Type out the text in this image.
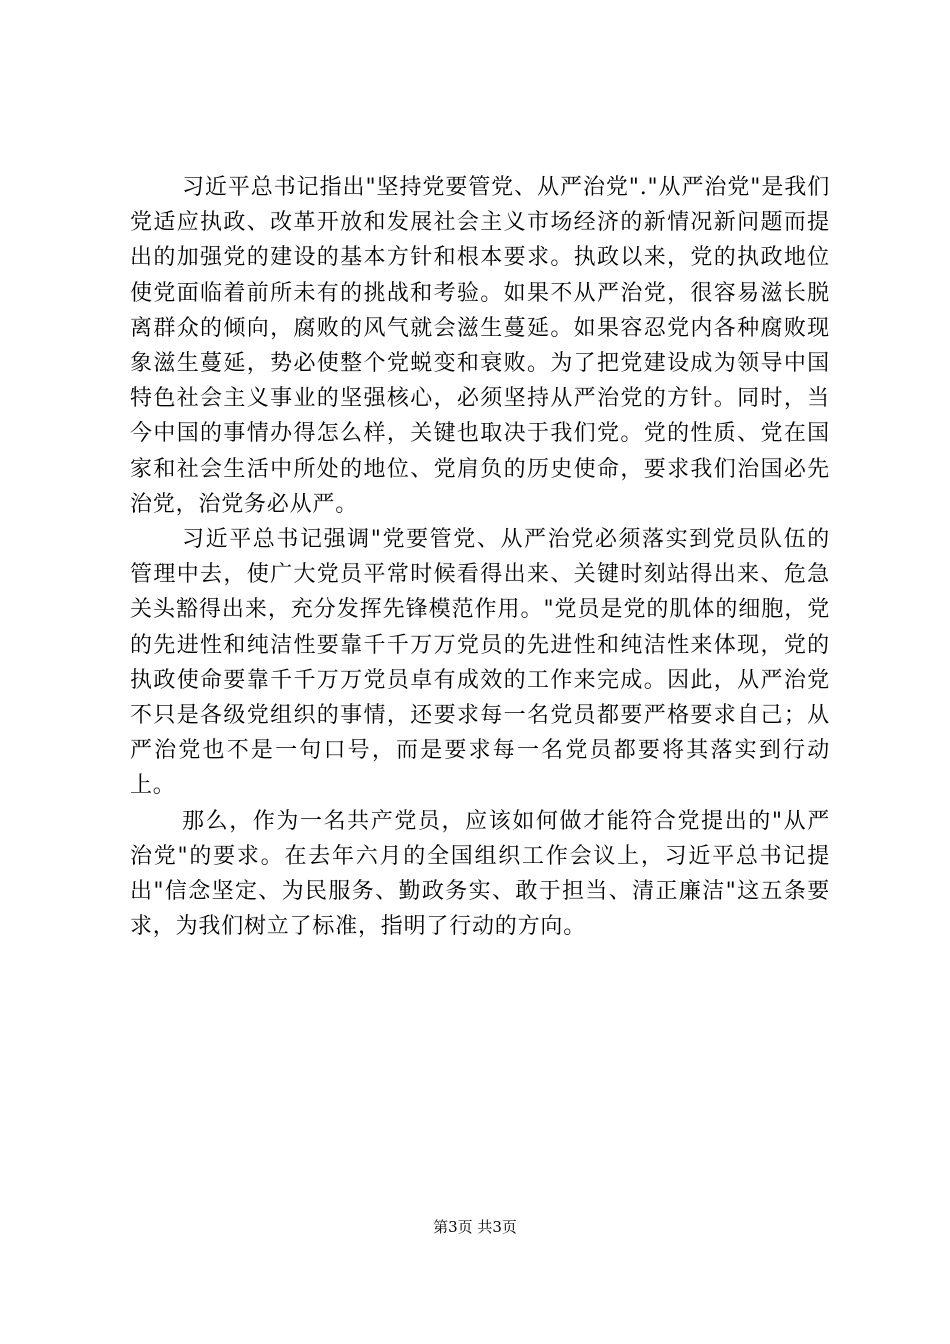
习近平总书记指出"坚持党要管党、从严治党"."从严治党"是我们党适应执政、改革开放和发展社会主义市场经济的新情况新问题而提出的加强党的建设的基本方针和根本要求。执政以来，党的执政地位使党面临着前所未有的挑战和考验。如果不从严治党，很容易滋长脱离群众的倾向，腐败的风气就会滋生蔓延。如果容忍党内各种腐败现象滋生蔓延，势必使整个党蜕变和衰败。为了把党建设成为领导中国特色社会主义事业的坚强核心，必须坚持从严治党的方针。同时，当今中国的事情办得怎么样，关键也取决于我们党。党的性质、党在国家和社会生活中所处的地位、党肩负的历史使命，要求我们治国必先治党，治党务必从严。

习近平总书记强调"党要管党、从严治党必须落实到党员队伍的管理中去，使广大党员平常时候看得出来、关键时刻站得出来、危急关头豁得出来，充分发挥先锋模范作用。"党员是党的肌体的细胞，党的先进性和纯洁性要靠千千万万党员的先进性和纯洁性来体现，党的执政使命要靠千千万万党员卓有成效的工作来完成。因此，从严治党不只是各级党组织的事情，还要求每一名党员都要严格要求自己；从严治党也不是一句口号，而是要求每一名党员都要将其落实到行动上。

那么，作为一名共产党员，应该如何做才能符合党提出的"从严治党"的要求。在去年六月的全国组织工作会议上，习近平总书记提出"信念坚定、为民服务、勤政务实、敢于担当、清正廉洁"这五条要求，为我们树立了标准，指明了行动的方向。

第3页 共3页
